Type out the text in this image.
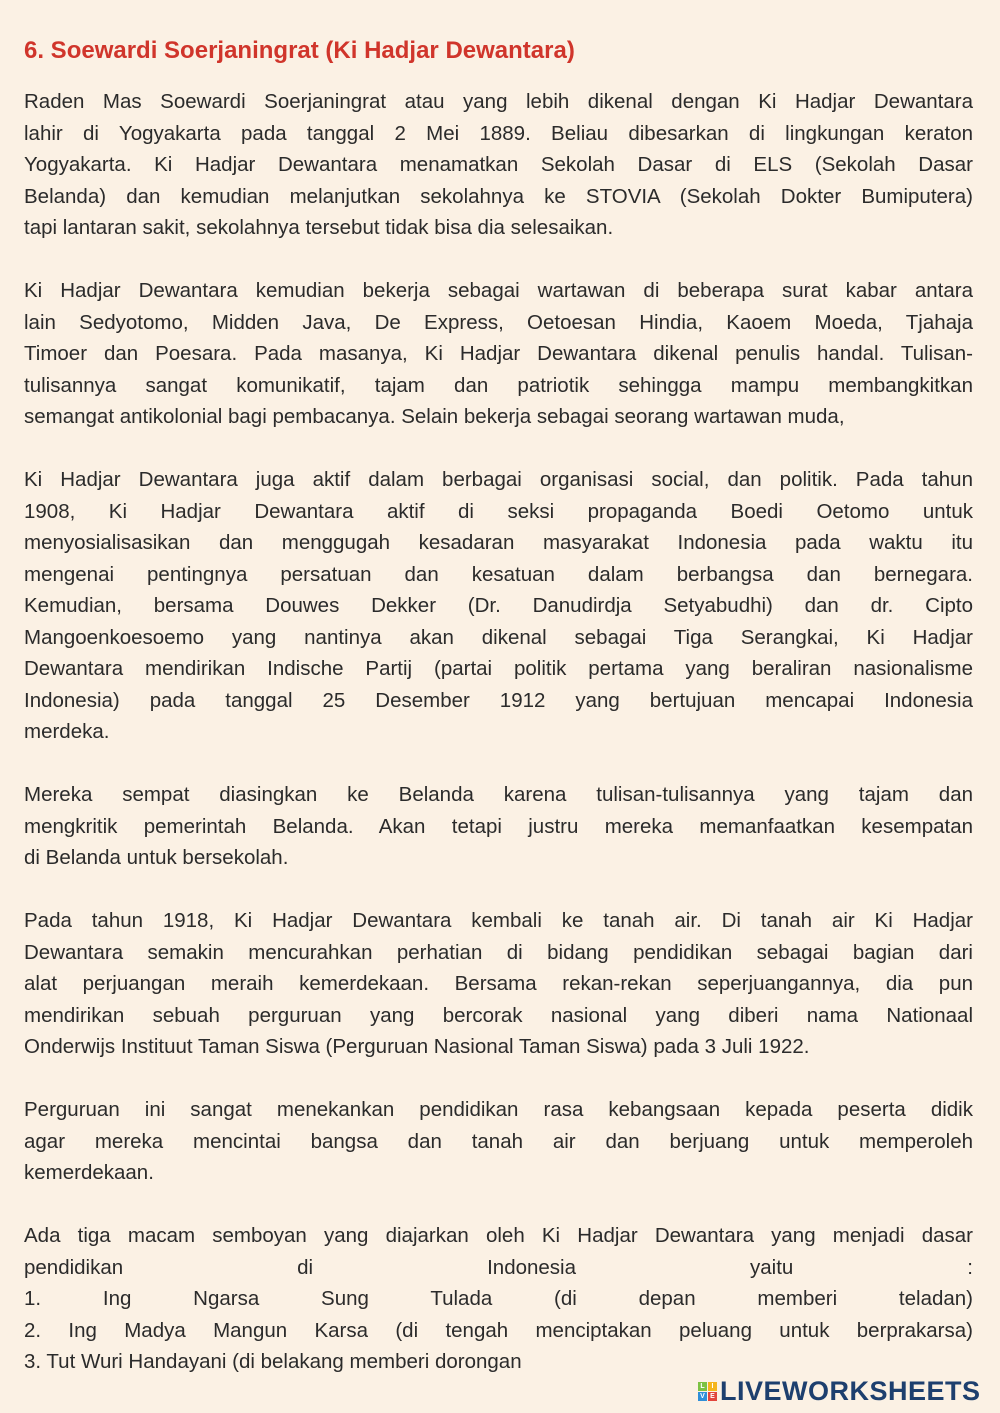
6. Soewardi Soerjaningrat (Ki Hadjar Dewantara)
Raden Mas Soewardi Soerjaningrat atau yang lebih dikenal dengan Ki Hadjar Dewantara
lahir di Yogyakarta pada tanggal 2 Mei 1889. Beliau dibesarkan di lingkungan keraton
Yogyakarta. Ki Hadjar Dewantara menamatkan Sekolah Dasar di ELS (Sekolah Dasar
Belanda) dan kemudian melanjutkan sekolahnya ke STOVIA (Sekolah Dokter Bumiputera)
tapi lantaran sakit, sekolahnya tersebut tidak bisa dia selesaikan.
Ki Hadjar Dewantara kemudian bekerja sebagai wartawan di beberapa surat kabar antara
lain Sedyotomo, Midden Java, De Express, Oetoesan Hindia, Kaoem Moeda, Tjahaja
Timoer dan Poesara. Pada masanya, Ki Hadjar Dewantara dikenal penulis handal. Tulisan-
tulisannya sangat komunikatif, tajam dan patriotik sehingga mampu membangkitkan
semangat antikolonial bagi pembacanya. Selain bekerja sebagai seorang wartawan muda,
Ki Hadjar Dewantara juga aktif dalam berbagai organisasi social, dan politik. Pada tahun
1908, Ki Hadjar Dewantara aktif di seksi propaganda Boedi Oetomo untuk
menyosialisasikan dan menggugah kesadaran masyarakat Indonesia pada waktu itu
mengenai pentingnya persatuan dan kesatuan dalam berbangsa dan bernegara.
Kemudian, bersama Douwes Dekker (Dr. Danudirdja Setyabudhi) dan dr. Cipto
Mangoenkoesoemo yang nantinya akan dikenal sebagai Tiga Serangkai, Ki Hadjar
Dewantara mendirikan Indische Partij (partai politik pertama yang beraliran nasionalisme
Indonesia) pada tanggal 25 Desember 1912 yang bertujuan mencapai Indonesia
merdeka.
Mereka sempat diasingkan ke Belanda karena tulisan-tulisannya yang tajam dan
mengkritik pemerintah Belanda. Akan tetapi justru mereka memanfaatkan kesempatan
di Belanda untuk bersekolah.
Pada tahun 1918, Ki Hadjar Dewantara kembali ke tanah air. Di tanah air Ki Hadjar
Dewantara semakin mencurahkan perhatian di bidang pendidikan sebagai bagian dari
alat perjuangan meraih kemerdekaan. Bersama rekan-rekan seperjuangannya, dia pun
mendirikan sebuah perguruan yang bercorak nasional yang diberi nama Nationaal
Onderwijs Instituut Taman Siswa (Perguruan Nasional Taman Siswa) pada 3 Juli 1922.
Perguruan ini sangat menekankan pendidikan rasa kebangsaan kepada peserta didik
agar mereka mencintai bangsa dan tanah air dan berjuang untuk memperoleh
kemerdekaan.
Ada tiga macam semboyan yang diajarkan oleh Ki Hadjar Dewantara yang menjadi dasar
pendidikan di Indonesia yaitu :
1. Ing Ngarsa Sung Tulada (di depan memberi teladan)
2. Ing Madya Mangun Karsa (di tengah menciptakan peluang untuk berprakarsa)
3. Tut Wuri Handayani (di belakang memberi dorongan
L I
V E LIVEWORKSHEETS
